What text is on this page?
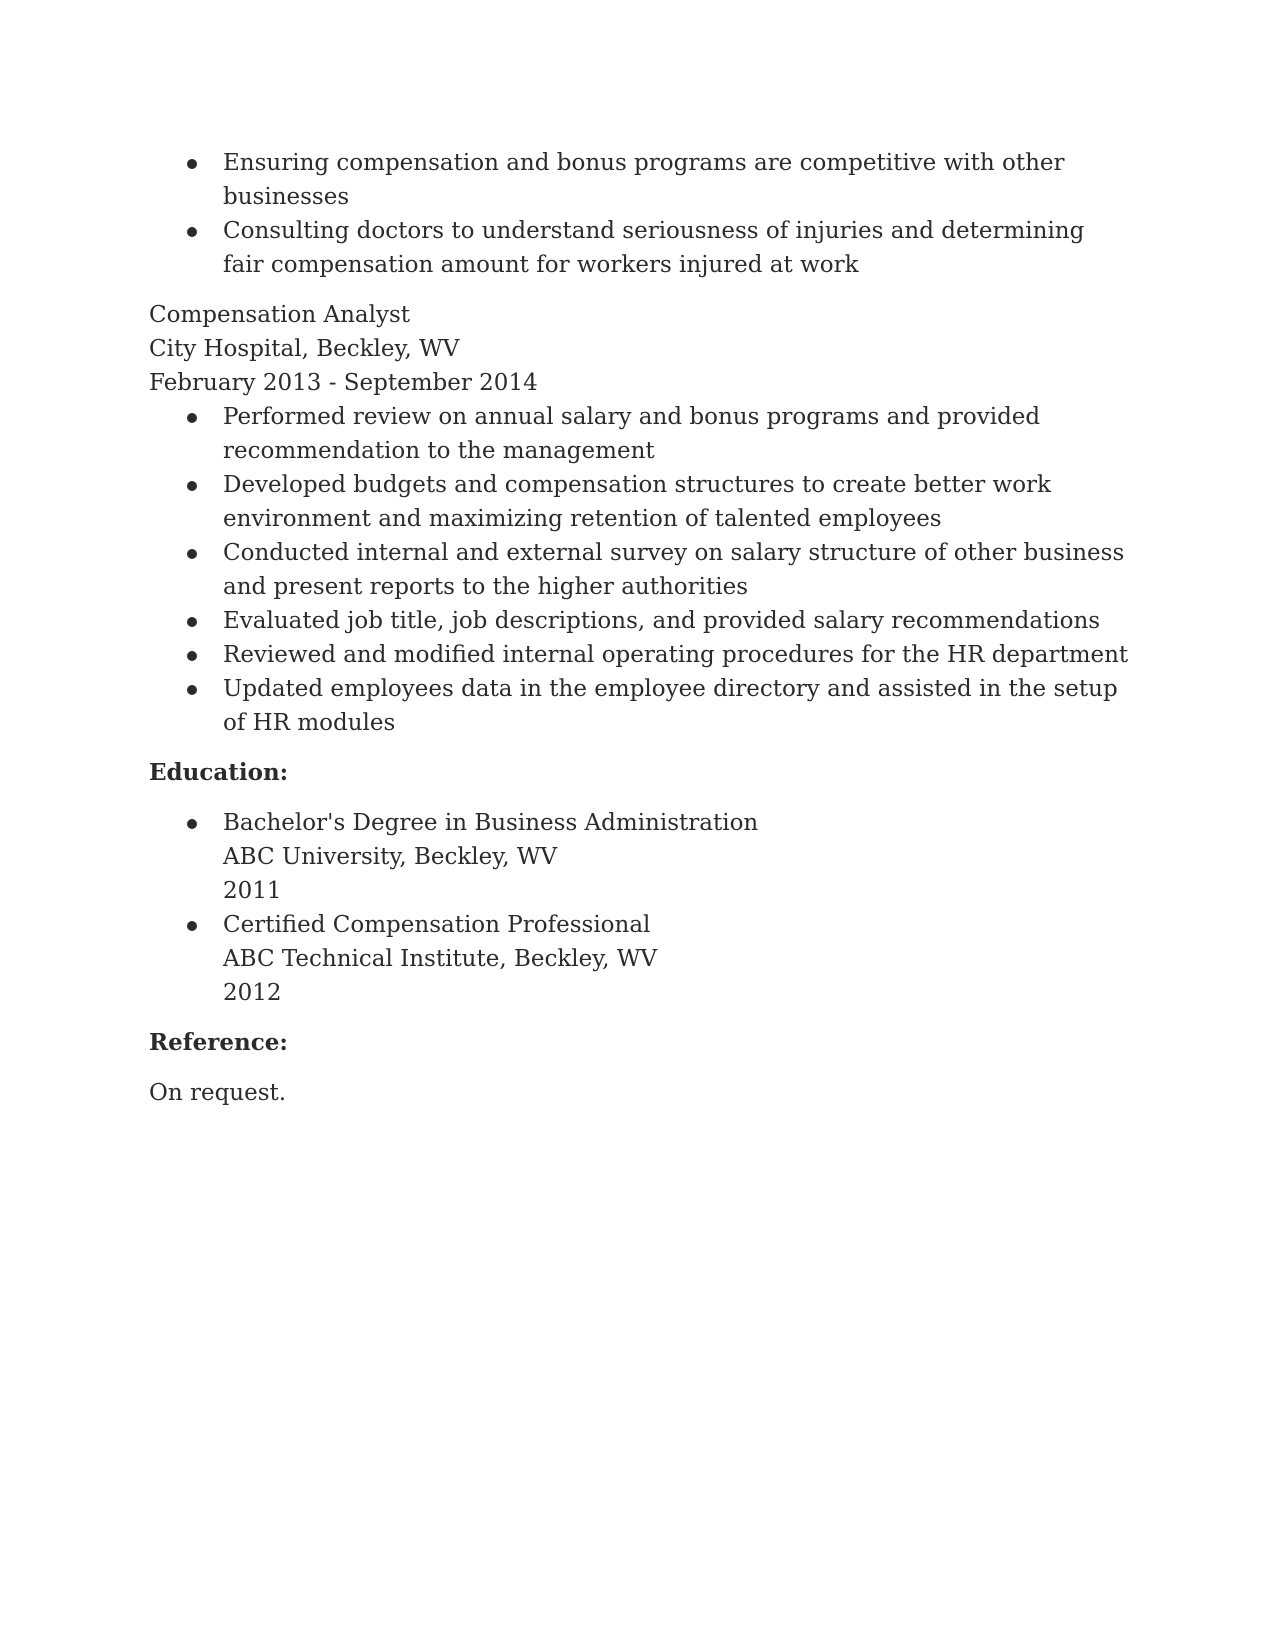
Ensuring compensation and bonus programs are competitive with other businesses
Consulting doctors to understand seriousness of injuries and determining fair compensation amount for workers injured at work
Compensation Analyst
City Hospital, Beckley, WV
February 2013 - September 2014
Performed review on annual salary and bonus programs and provided recommendation to the management
Developed budgets and compensation structures to create better work environment and maximizing retention of talented employees
Conducted internal and external survey on salary structure of other business and present reports to the higher authorities
Evaluated job title, job descriptions, and provided salary recommendations
Reviewed and modified internal operating procedures for the HR department
Updated employees data in the employee directory and assisted in the setup of HR modules
Education:
Bachelor's Degree in Business Administration
ABC University, Beckley, WV
2011
Certified Compensation Professional
ABC Technical Institute, Beckley, WV
2012
Reference:
On request.
